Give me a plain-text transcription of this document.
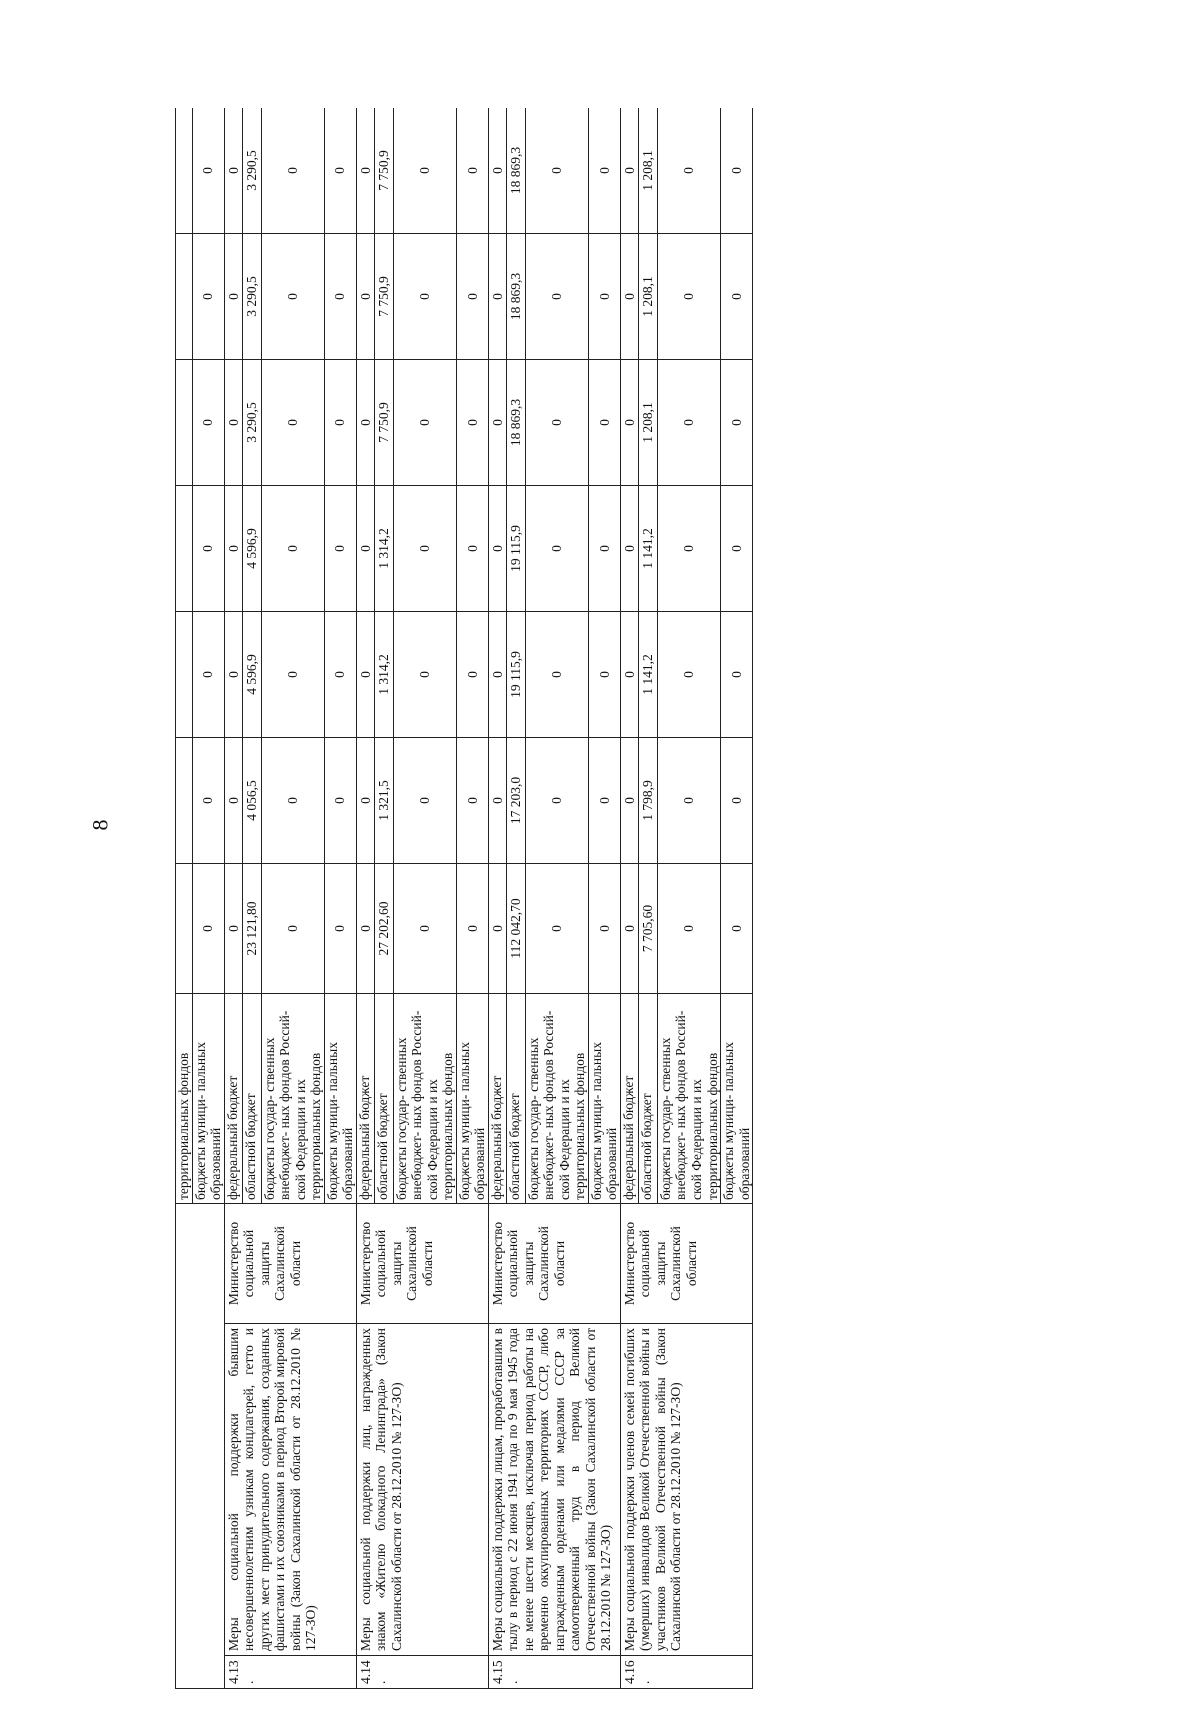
8
			территориальных фондов							
			бюджеты муници- пальных образований	0	0	0	0	0	0	0
4.13.	Меры социальной поддержки бывшим несовершеннолетним узникам концлагерей, гетто и других мест принудительного содержания, созданных фашистами и их союзниками в период Второй мировой войны (Закон Сахалинской области от 28.12.2010 № 127-ЗО)	Министерство социальной защиты Сахалинской области	федеральный бюджет	0	0	0	0	0	0	0
			областной бюджет	23 121,80	4 056,5	4 596,9	4 596,9	3 290,5	3 290,5	3 290,5
			бюджеты государ- ственных внебюджет- ных фондов Россий- ской Федерации и их территориальных фондов	0	0	0	0	0	0	0
			бюджеты муници- пальных образований	0	0	0	0	0	0	0
4.14.	Меры социальной поддержки лиц, награжденных знаком «Жителю блокадного Ленинграда» (Закон Сахалинской области от 28.12.2010 № 127-ЗО)	Министерство социальной защиты Сахалинской области	федеральный бюджет	0	0	0	0	0	0	0
			областной бюджет	27 202,60	1 321,5	1 314,2	1 314,2	7 750,9	7 750,9	7 750,9
			бюджеты государ- ственных внебюджет- ных фондов Россий- ской Федерации и их территориальных фондов	0	0	0	0	0	0	0
			бюджеты муници- пальных образований	0	0	0	0	0	0	0
4.15.	Меры социальной поддержки лицам, проработавшим в тылу в период с 22 июня 1941 года по 9 мая 1945 года не менее шести месяцев, исключая период работы на временно оккупированных территориях СССР, либо награжденным орденами или медалями СССР за самоотверженный труд в период Великой Отечественной войны (Закон Сахалинской области от 28.12.2010 № 127-ЗО)	Министерство социальной защиты Сахалинской области	федеральный бюджет	0	0	0	0	0	0	0
			областной бюджет	112 042,70	17 203,0	19 115,9	19 115,9	18 869,3	18 869,3	18 869,3
			бюджеты государ- ственных внебюджет- ных фондов Россий- ской Федерации и их территориальных фондов	0	0	0	0	0	0	0
			бюджеты муници- пальных образований	0	0	0	0	0	0	0
4.16.	Меры социальной поддержки членов семей погибших (умерших) инвалидов Великой Отечественной войны и участников Великой Отечественной войны (Закон Сахалинской области от 28.12.2010 № 127-ЗО)	Министерство социальной защиты Сахалинской области	федеральный бюджет	0	0	0	0	0	0	0
			областной бюджет	7 705,60	1 798,9	1 141,2	1 141,2	1 208,1	1 208,1	1 208,1
			бюджеты государ- ственных внебюджет- ных фондов Россий- ской Федерации и их территориальных фондов	0	0	0	0	0	0	0
			бюджеты муници- пальных образований	0	0	0	0	0	0	0
